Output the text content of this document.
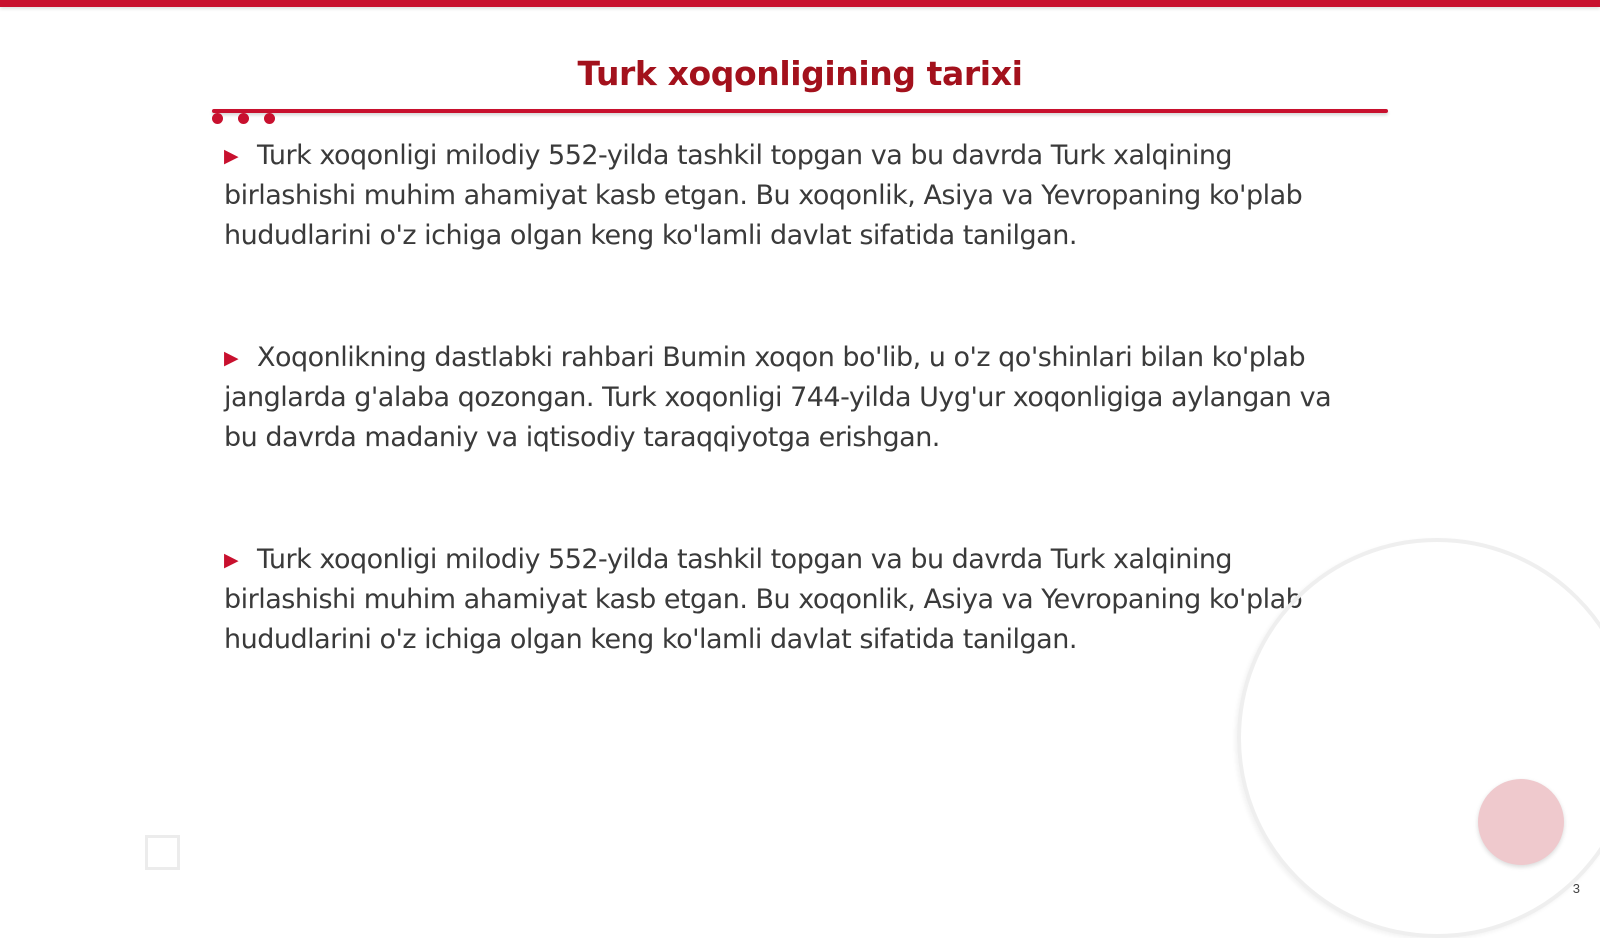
Turk xoqonligining tarixi

▶ Turk xoqonligi milodiy 552-yilda tashkil topgan va bu davrda Turk xalqining birlashishi muhim ahamiyat kasb etgan. Bu xoqonlik, Asiya va Yevropaning ko'plab hududlarini o'z ichiga olgan keng ko'lamli davlat sifatida tanilgan.

▶ Xoqonlikning dastlabki rahbari Bumin xoqon bo'lib, u o'z qo'shinlari bilan ko'plab janglarda g'alaba qozongan. Turk xoqonligi 744-yilda Uyg'ur xoqonligiga aylangan va bu davrda madaniy va iqtisodiy taraqqiyotga erishgan.

▶ Turk xoqonligi milodiy 552-yilda tashkil topgan va bu davrda Turk xalqining birlashishi muhim ahamiyat kasb etgan. Bu xoqonlik, Asiya va Yevropaning ko'plab hududlarini o'z ichiga olgan keng ko'lamli davlat sifatida tanilgan.

3
